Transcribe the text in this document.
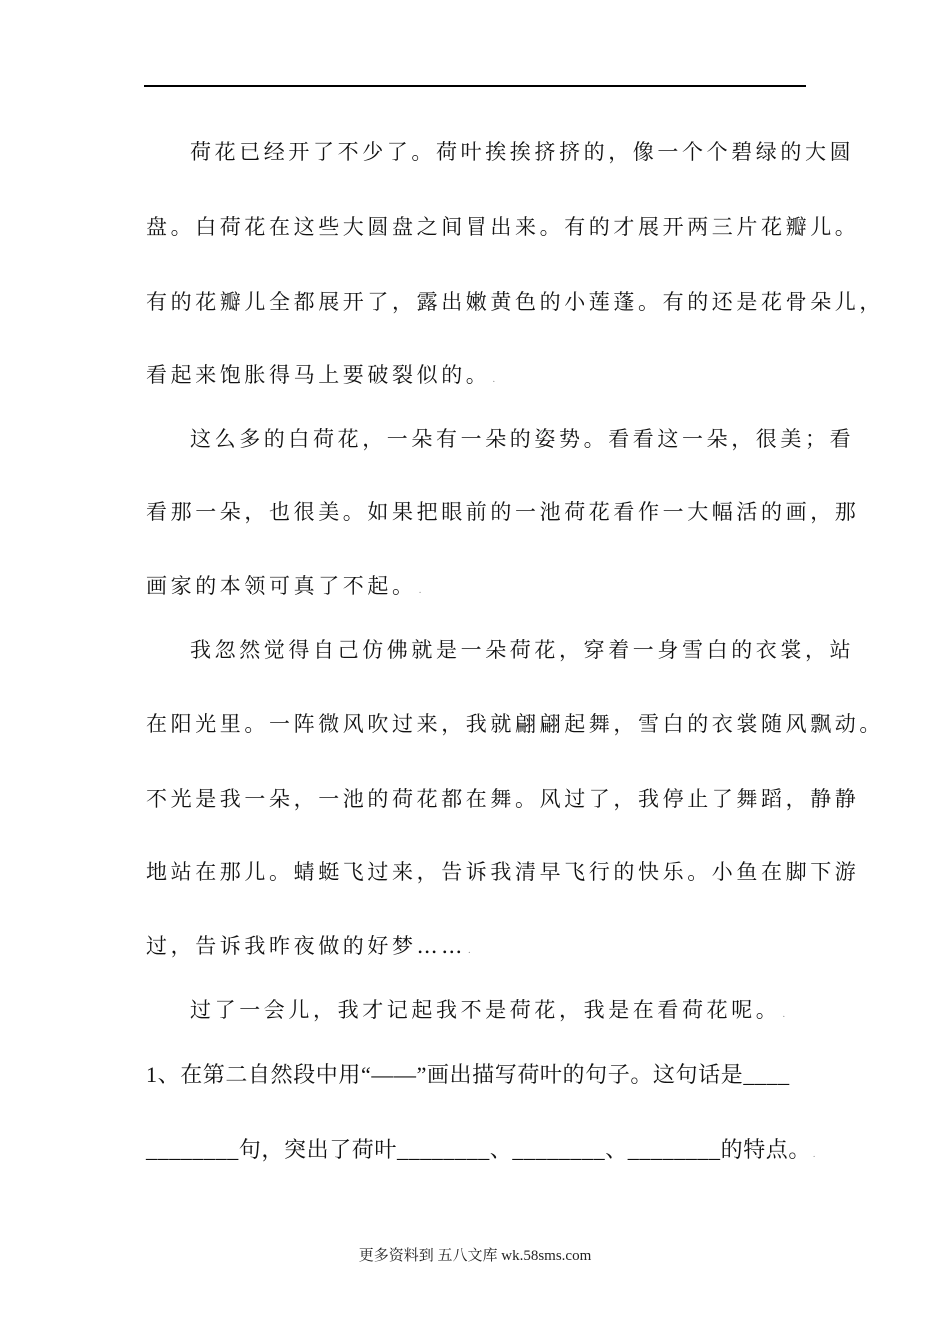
荷花已经开了不少了。荷叶挨挨挤挤的，像一个个碧绿的大圆
盘。白荷花在这些大圆盘之间冒出来。有的才展开两三片花瓣儿。
有的花瓣儿全都展开了，露出嫩黄色的小莲蓬。有的还是花骨朵儿，
看起来饱胀得马上要破裂似的。 .
这么多的白荷花，一朵有一朵的姿势。看看这一朵，很美；看
看那一朵，也很美。如果把眼前的一池荷花看作一大幅活的画，那
画家的本领可真了不起。 .
我忽然觉得自己仿佛就是一朵荷花，穿着一身雪白的衣裳，站
在阳光里。一阵微风吹过来，我就翩翩起舞，雪白的衣裳随风飘动。
不光是我一朵，一池的荷花都在舞。风过了，我停止了舞蹈，静静
地站在那儿。蜻蜓飞过来，告诉我清早飞行的快乐。小鱼在脚下游
过，告诉我昨夜做的好梦…… .
过了一会儿，我才记起我不是荷花，我是在看荷花呢。 .
1、在第二自然段中用“——”画出描写荷叶的句子。这句话是____
________句，突出了荷叶________、________、________的特点。 .
更多资料到 五八文库 wk.58sms.com
